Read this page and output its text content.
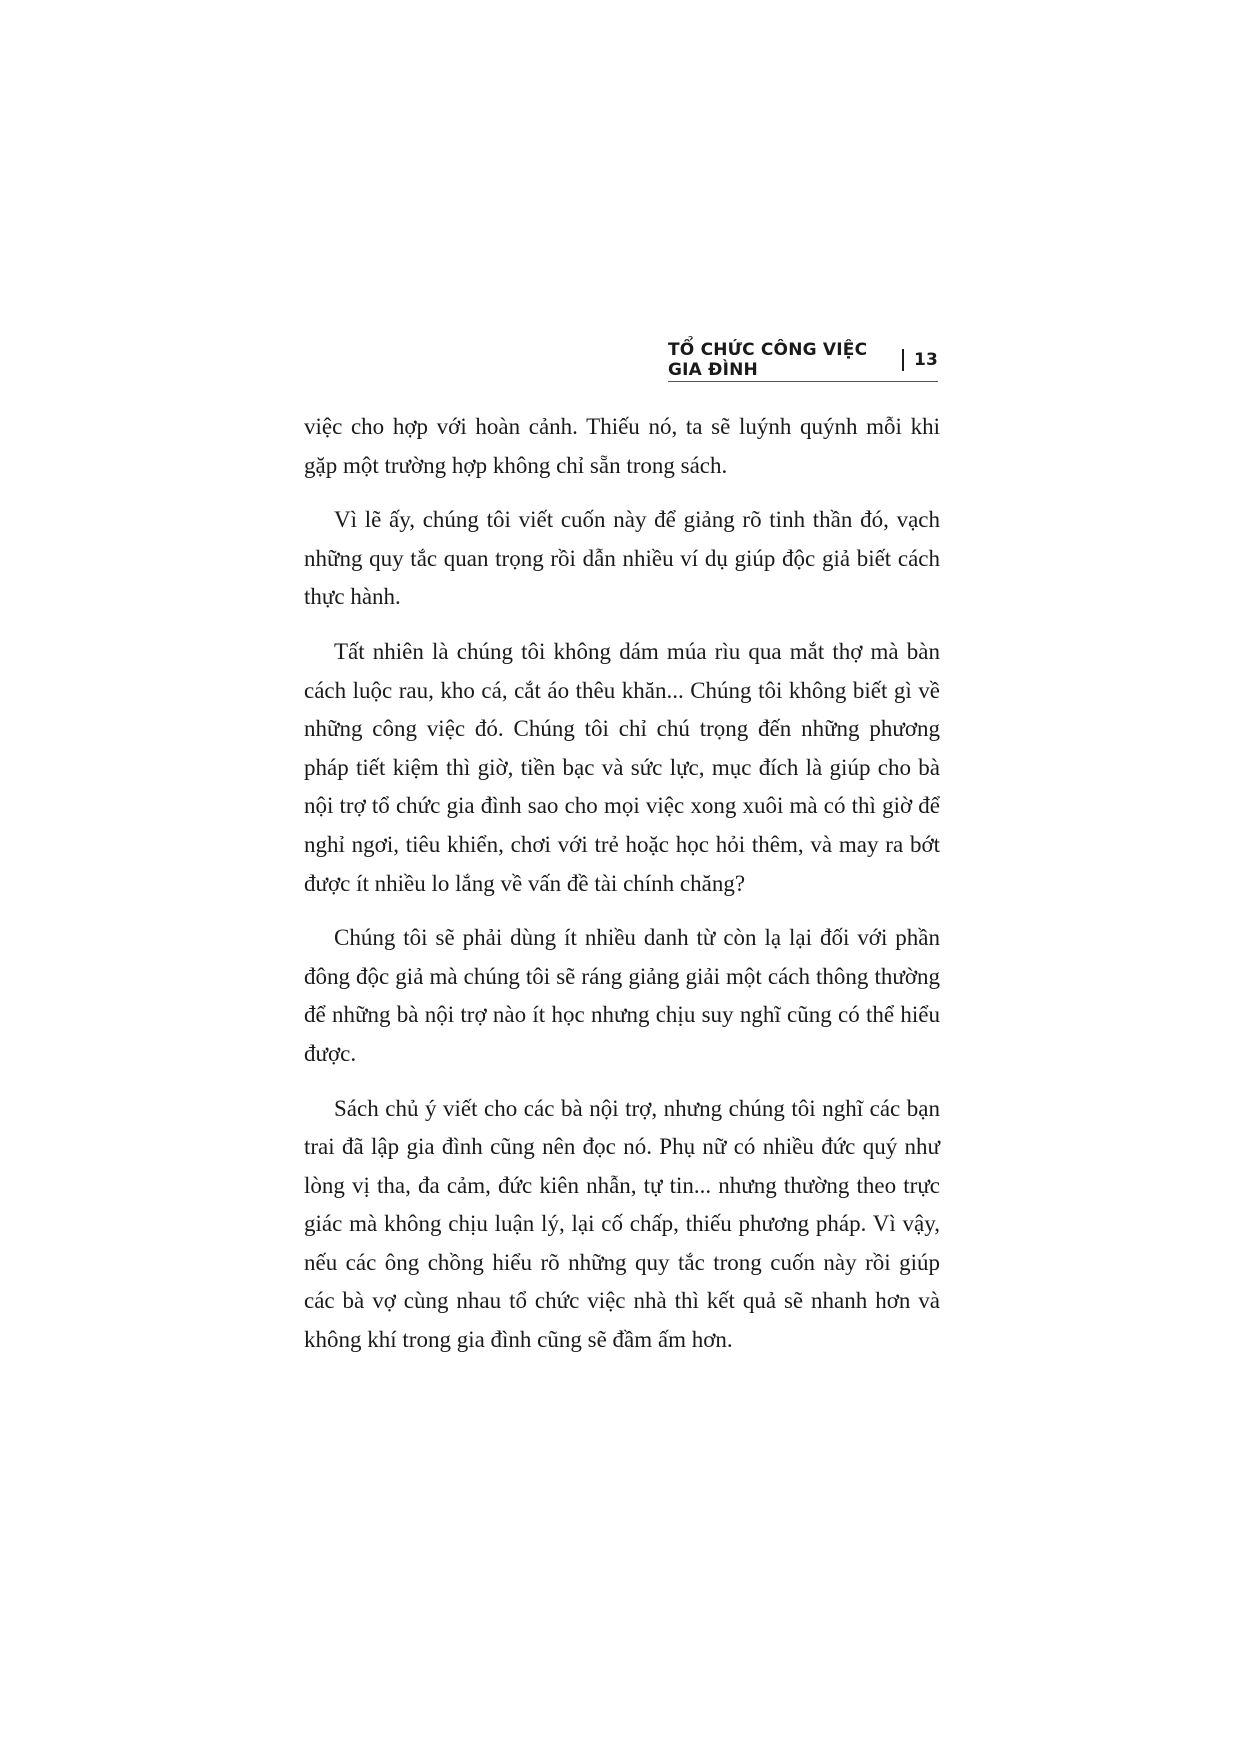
TỔ CHỨC CÔNG VIỆC GIA ĐÌNH	13

việc cho hợp với hoàn cảnh. Thiếu nó, ta sẽ luýnh quýnh mỗi khi gặp một trường hợp không chỉ sẵn trong sách.

Vì lẽ ấy, chúng tôi viết cuốn này để giảng rõ tinh thần đó, vạch những quy tắc quan trọng rồi dẫn nhiều ví dụ giúp độc giả biết cách thực hành.

Tất nhiên là chúng tôi không dám múa rìu qua mắt thợ mà bàn cách luộc rau, kho cá, cắt áo thêu khăn... Chúng tôi không biết gì về những công việc đó. Chúng tôi chỉ chú trọng đến những phương pháp tiết kiệm thì giờ, tiền bạc và sức lực, mục đích là giúp cho bà nội trợ tổ chức gia đình sao cho mọi việc xong xuôi mà có thì giờ để nghỉ ngơi, tiêu khiển, chơi với trẻ hoặc học hỏi thêm, và may ra bớt được ít nhiều lo lắng về vấn đề tài chính chăng?

Chúng tôi sẽ phải dùng ít nhiều danh từ còn lạ lại đối với phần đông độc giả mà chúng tôi sẽ ráng giảng giải một cách thông thường để những bà nội trợ nào ít học nhưng chịu suy nghĩ cũng có thể hiểu được.

Sách chủ ý viết cho các bà nội trợ, nhưng chúng tôi nghĩ các bạn trai đã lập gia đình cũng nên đọc nó. Phụ nữ có nhiều đức quý như lòng vị tha, đa cảm, đức kiên nhẫn, tự tin... nhưng thường theo trực giác mà không chịu luận lý, lại cố chấp, thiếu phương pháp. Vì vậy, nếu các ông chồng hiểu rõ những quy tắc trong cuốn này rồi giúp các bà vợ cùng nhau tổ chức việc nhà thì kết quả sẽ nhanh hơn và không khí trong gia đình cũng sẽ đầm ấm hơn.
